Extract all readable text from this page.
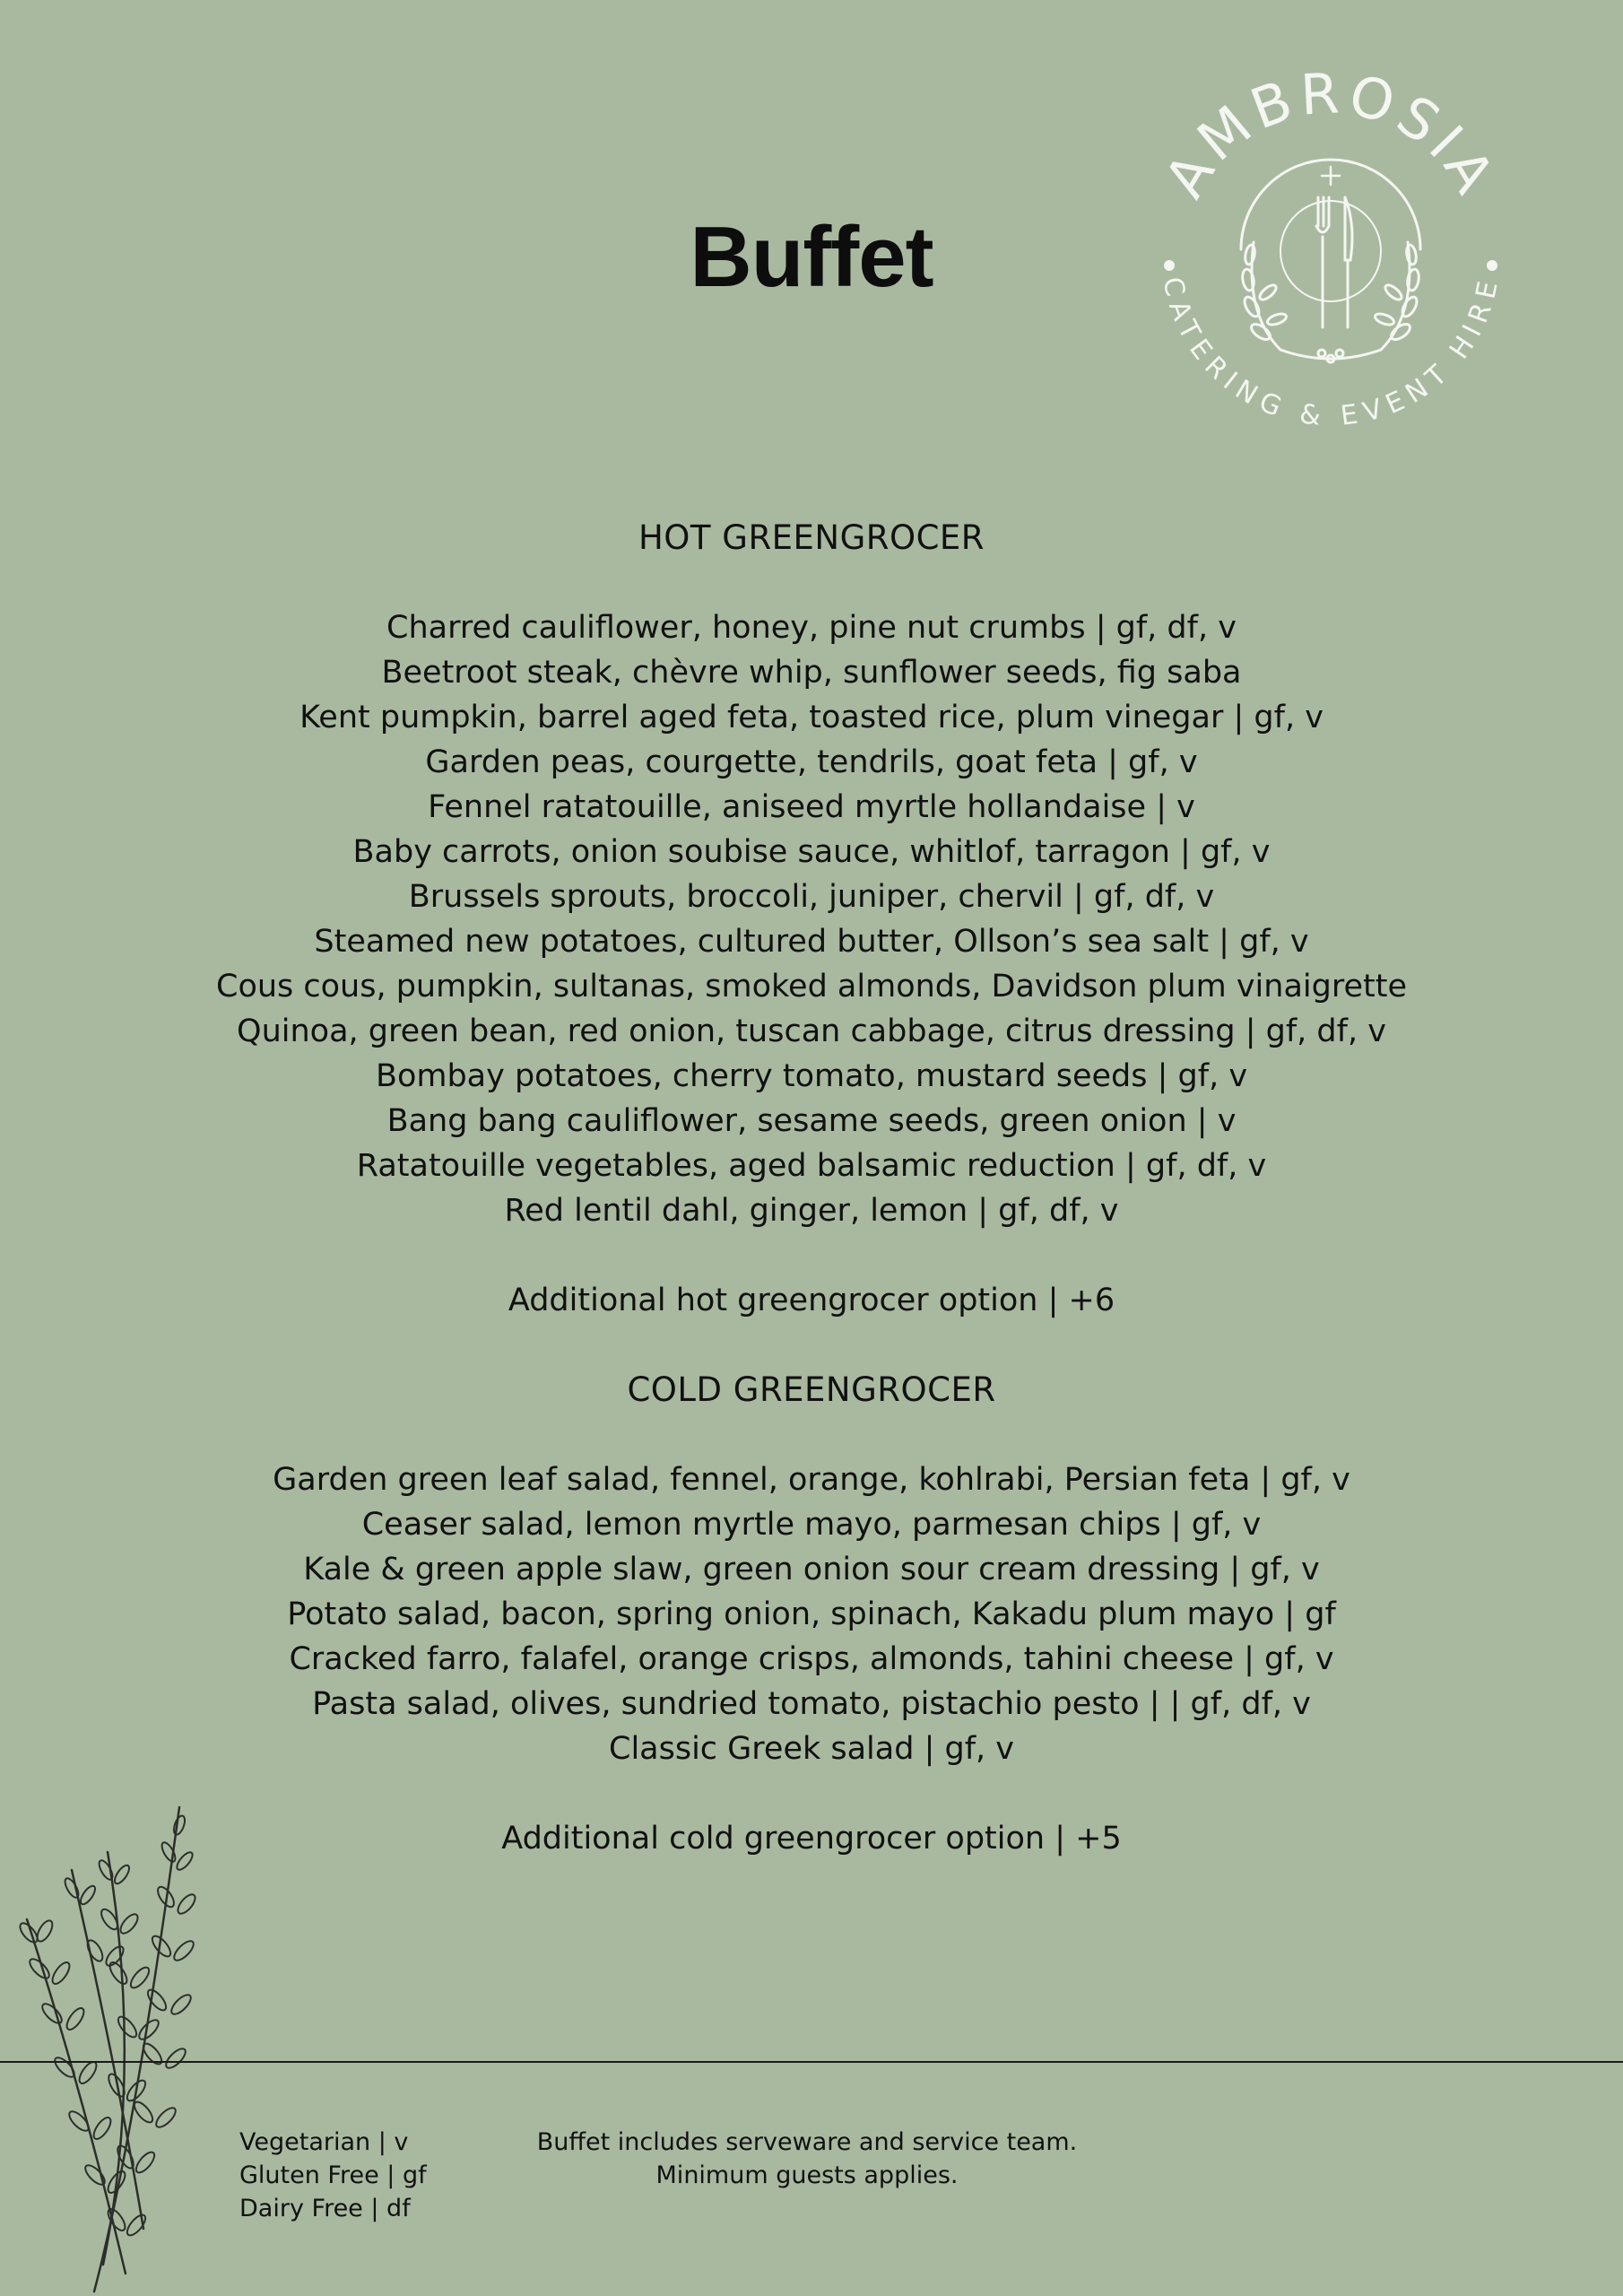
Buffet
AMBROSIA
CATERING & EVENT HIRE
HOT GREENGROCER
Charred cauliflower, honey, pine nut crumbs | gf, df, v
Beetroot steak, chèvre whip, sunflower seeds, fig saba
Kent pumpkin, barrel aged feta, toasted rice, plum vinegar | gf, v
Garden peas, courgette, tendrils, goat feta | gf, v
Fennel ratatouille, aniseed myrtle hollandaise | v
Baby carrots, onion soubise sauce, whitlof, tarragon | gf, v
Brussels sprouts, broccoli, juniper, chervil | gf, df, v
Steamed new potatoes, cultured butter, Ollson’s sea salt | gf, v
Cous cous, pumpkin, sultanas, smoked almonds, Davidson plum vinaigrette
Quinoa, green bean, red onion, tuscan cabbage, citrus dressing | gf, df, v
Bombay potatoes, cherry tomato, mustard seeds | gf, v
Bang bang cauliflower, sesame seeds, green onion | v
Ratatouille vegetables, aged balsamic reduction | gf, df, v
Red lentil dahl, ginger, lemon | gf, df, v
Additional hot greengrocer option | +6
COLD GREENGROCER
Garden green leaf salad, fennel, orange, kohlrabi, Persian feta | gf, v
Ceaser salad, lemon myrtle mayo, parmesan chips | gf, v
Kale & green apple slaw, green onion sour cream dressing | gf, v
Potato salad, bacon, spring onion, spinach, Kakadu plum mayo | gf
Cracked farro, falafel, orange crisps, almonds, tahini cheese | gf, v
Pasta salad, olives, sundried tomato, pistachio pesto | | gf, df, v
Classic Greek salad | gf, v
Additional cold greengrocer option | +5
Vegetarian | v
Gluten Free | gf
Dairy Free | df
Buffet includes serveware and service team.
Minimum guests applies.
